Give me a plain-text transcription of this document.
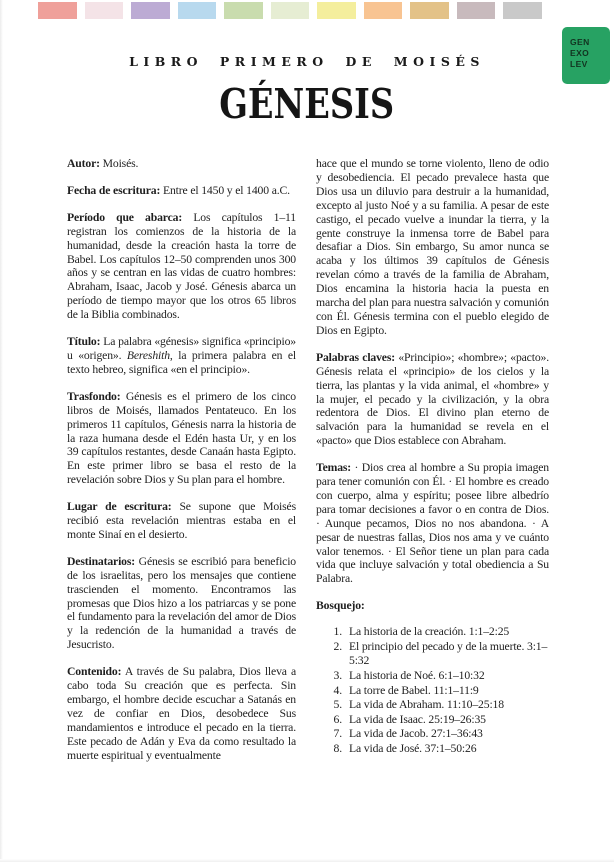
GEN
EXO
LEV
LIBRO PRIMERO DE MOISÉS
GÉNESIS

Autor: Moisés.

Fecha de escritura: Entre el 1450 y el 1400 a.C.

Período que abarca: Los capítulos 1–11 registran los comienzos de la historia de la humanidad, desde la creación hasta la torre de Babel. Los capítulos 12–50 comprenden unos 300 años y se centran en las vidas de cuatro hombres: Abraham, Isaac, Jacob y José. Génesis abarca un período de tiempo mayor que los otros 65 libros de la Biblia combinados.

Título: La palabra «génesis» significa «principio» u «origen». Bereshith, la primera palabra en el texto hebreo, significa «en el principio».

Trasfondo: Génesis es el primero de los cinco libros de Moisés, llamados Pentateuco. En los primeros 11 capítulos, Génesis narra la historia de la raza humana desde el Edén hasta Ur, y en los 39 capítulos restantes, desde Canaán hasta Egipto. En este primer libro se basa el resto de la revelación sobre Dios y Su plan para el hombre.

Lugar de escritura: Se supone que Moisés recibió esta revelación mientras estaba en el monte Sinaí en el desierto.

Destinatarios: Génesis se escribió para beneficio de los israelitas, pero los mensajes que contiene trascienden el momento. Encontramos las promesas que Dios hizo a los patriarcas y se pone el fundamento para la revelación del amor de Dios y la redención de la humanidad a través de Jesucristo.

Contenido: A través de Su palabra, Dios lleva a cabo toda Su creación que es perfecta. Sin embargo, el hombre decide escuchar a Satanás en vez de confiar en Dios, desobedece Sus mandamientos e introduce el pecado en la tierra. Este pecado de Adán y Eva da como resultado la muerte espiritual y eventualmente

hace que el mundo se torne violento, lleno de odio y desobediencia. El pecado prevalece hasta que Dios usa un diluvio para destruir a la humanidad, excepto al justo Noé y a su familia. A pesar de este castigo, el pecado vuelve a inundar la tierra, y la gente construye la inmensa torre de Babel para desafiar a Dios. Sin embargo, Su amor nunca se acaba y los últimos 39 capítulos de Génesis revelan cómo a través de la familia de Abraham, Dios encamina la historia hacia la puesta en marcha del plan para nuestra salvación y comunión con Él. Génesis termina con el pueblo elegido de Dios en Egipto.

Palabras claves: «Principio»; «hombre»; «pacto». Génesis relata el «principio» de los cielos y la tierra, las plantas y la vida animal, el «hombre» y la mujer, el pecado y la civilización, y la obra redentora de Dios. El divino plan eterno de salvación para la humanidad se revela en el «pacto» que Dios establece con Abraham.

Temas: · Dios crea al hombre a Su propia imagen para tener comunión con Él. · El hombre es creado con cuerpo, alma y espíritu; posee libre albedrío para tomar decisiones a favor o en contra de Dios. · Aunque pecamos, Dios no nos abandona. · A pesar de nuestras fallas, Dios nos ama y ve cuánto valor tenemos. · El Señor tiene un plan para cada vida que incluye salvación y total obediencia a Su Palabra.

Bosquejo:

1. La historia de la creación. 1:1–2:25
2. El principio del pecado y de la muerte. 3:1–5:32
3. La historia de Noé. 6:1–10:32
4. La torre de Babel. 11:1–11:9
5. La vida de Abraham. 11:10–25:18
6. La vida de Isaac. 25:19–26:35
7. La vida de Jacob. 27:1–36:43
8. La vida de José. 37:1–50:26
